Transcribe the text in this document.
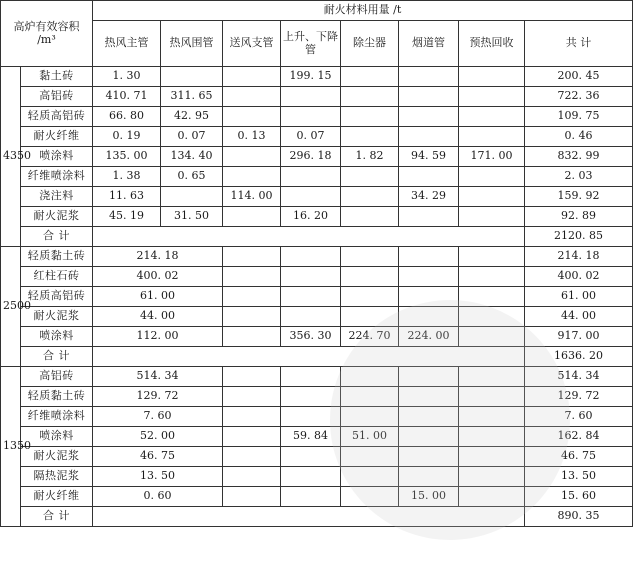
高炉有效容积
/m³		耐火材料用量 /t							
		热风主管	热风围管	送风支管	上升、下降管	除尘器	烟道管	预热回收	共 计
4350	黏土砖	1. 30			199. 15				200. 45
	高铝砖	410. 71	311. 65						722. 36
	轻质高铝砖	66. 80	42. 95						109. 75
	耐火纤维	0. 19	0. 07	0. 13	0. 07				0. 46
	喷涂料	135. 00	134. 40		296. 18	1. 82	94. 59	171. 00	832. 99
	纤维喷涂料	1. 38	0. 65						2. 03
	浇注料	11. 63		114. 00			34. 29		159. 92
	耐火泥浆	45. 19	31. 50		16. 20				92. 89
	合 计								2120. 85
2500	轻质黏土砖	214. 18							214. 18
	红柱石砖	400. 02							400. 02
	轻质高铝砖	61. 00							61. 00
	耐火泥浆	44. 00							44. 00
	喷涂料	112. 00			356. 30	224. 70	224. 00		917. 00
	合 计								1636. 20
1350	高铝砖	514. 34							514. 34
	轻质黏土砖	129. 72							129. 72
	纤维喷涂料	7. 60							7. 60
	喷涂料	52. 00			59. 84	51. 00			162. 84
	耐火泥浆	46. 75							46. 75
	隔热泥浆	13. 50							13. 50
	耐火纤维	0. 60					15. 00		15. 60
	合 计								890. 35
